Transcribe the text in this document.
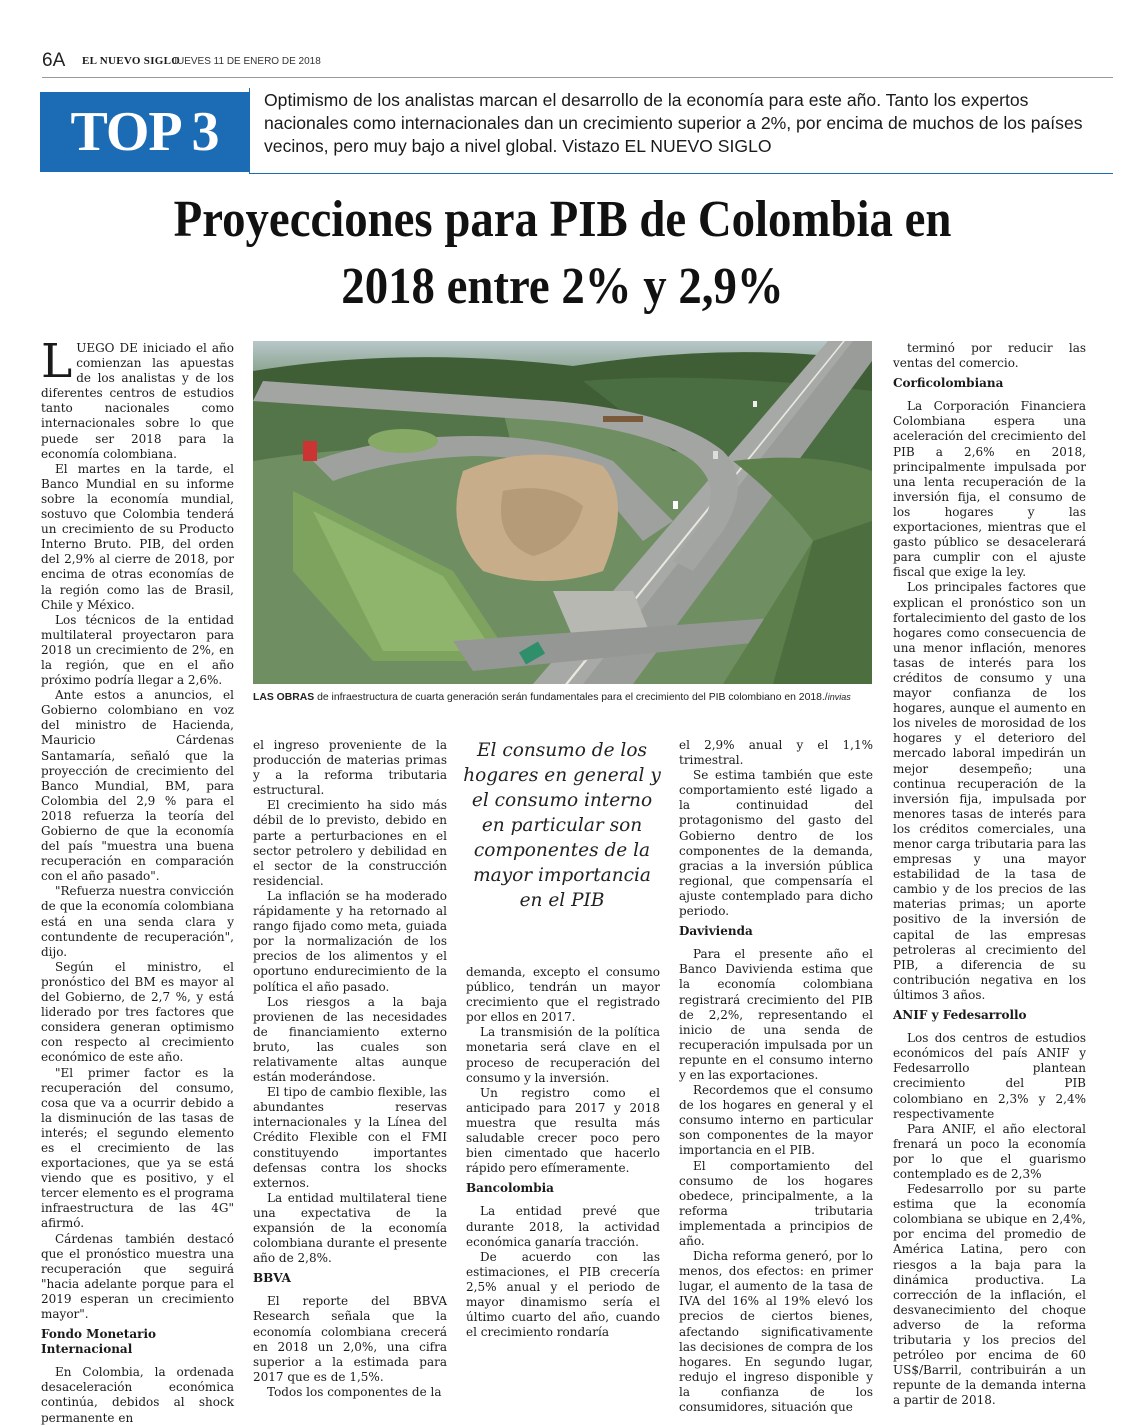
6A EL NUEVO SIGLO
JUEVES 11 DE ENERO DE 2018
TOP 3
Optimismo de los analistas marcan el desarrollo de la economía para este año. Tanto los expertos nacionales como internacionales dan un crecimiento superior a 2%, por encima de muchos de los países vecinos, pero muy bajo a nivel global. Vistazo EL NUEVO SIGLO
Proyecciones para PIB de Colombia en
2018 entre 2% y 2,9%
LAS OBRAS de infraestructura de cuarta generación serán fundamentales para el crecimiento del PIB colombiano en 2018./invias
El consumo de los hogares en general y el consumo interno en particular son componentes de la mayor importancia en el PIB

LUEGO DE iniciado el año comienzan las apuestas de los analistas y de los diferentes centros de estudios tanto nacionales como internacionales sobre lo que puede ser 2018 para la economía colombiana.

El martes en la tarde, el Banco Mundial en su informe sobre la economía mundial, sostuvo que Colombia tenderá un crecimiento de su Producto Interno Bruto. PIB, del orden del 2,9% al cierre de 2018, por encima de otras economías de la región como las de Brasil, Chile y México.

Los técnicos de la entidad multilateral proyectaron para 2018 un crecimiento de 2%, en la región, que en el año próximo podría llegar a 2,6%.

Ante estos a anuncios, el Gobierno colombiano en voz del ministro de Hacienda, Mauricio Cárdenas Santamaría, señaló que la proyección de crecimiento del Banco Mundial, BM, para Colombia del 2,9 % para el 2018 refuerza la teoría del Gobierno de que la economía del país "muestra una buena recuperación en comparación con el año pasado".

"Refuerza nuestra convicción de que la economía colombiana está en una senda clara y contundente de recuperación", dijo.

Según el ministro, el pronóstico del BM es mayor al del Gobierno, de 2,7 %, y está liderado por tres factores que considera generan optimismo con respecto al crecimiento económico de este año.

"El primer factor es la recuperación del consumo, cosa que va a ocurrir debido a la disminución de las tasas de interés; el segundo elemento es el crecimiento de las exportaciones, que ya se está viendo que es positivo, y el tercer elemento es el programa infraestructura de las 4G" afirmó.

Cárdenas también destacó que el pronóstico muestra una recuperación que seguirá "hacia adelante porque para el 2019 esperan un crecimiento mayor".

Fondo Monetario Internacional

En Colombia, la ordenada desaceleración económica continúa, debidos al shock permanente en

el ingreso proveniente de la producción de materias primas y a la reforma tributaria estructural.

El crecimiento ha sido más débil de lo previsto, debido en parte a perturbaciones en el sector petrolero y debilidad en el sector de la construcción residencial.

La inflación se ha moderado rápidamente y ha retornado al rango fijado como meta, guiada por la normalización de los precios de los alimentos y el oportuno endurecimiento de la política el año pasado.

Los riesgos a la baja provienen de las necesidades de financiamiento externo bruto, las cuales son relativamente altas aunque están moderándose.

El tipo de cambio flexible, las abundantes reservas internacionales y la Línea del Crédito Flexible con el FMI constituyendo importantes defensas contra los shocks externos.

La entidad multilateral tiene una expectativa de la expansión de la economía colombiana durante el presente año de 2,8%.

BBVA

El reporte del BBVA Research señala que la economía colombiana crecerá en 2018 un 2,0%, una cifra superior a la estimada para 2017 que es de 1,5%.

Todos los componentes de la

demanda, excepto el consumo público, tendrán un mayor crecimiento que el registrado por ellos en 2017.

La transmisión de la política monetaria será clave en el proceso de recuperación del consumo y la inversión.

Un registro como el anticipado para 2017 y 2018 muestra que resulta más saludable crecer poco pero bien cimentado que hacerlo rápido pero efímeramente.

Bancolombia

La entidad prevé que durante 2018, la actividad económica ganaría tracción.

De acuerdo con las estimaciones, el PIB crecería 2,5% anual y el periodo de mayor dinamismo sería el último cuarto del año, cuando el crecimiento rondaría

el 2,9% anual y el 1,1% trimestral.

Se estima también que este comportamiento esté ligado a la continuidad del protagonismo del gasto del Gobierno dentro de los componentes de la demanda, gracias a la inversión pública regional, que compensaría el ajuste contemplado para dicho periodo.

Davivienda

Para el presente año el Banco Davivienda estima que la economía colombiana registrará crecimiento del PIB de 2,2%, representando el inicio de una senda de recuperación impulsada por un repunte en el consumo interno y en las exportaciones.

Recordemos que el consumo de los hogares en general y el consumo interno en particular son componentes de la mayor importancia en el PIB.

El comportamiento del consumo de los hogares obedece, principalmente, a la reforma tributaria implementada a principios de año.

Dicha reforma generó, por lo menos, dos efectos: en primer lugar, el aumento de la tasa de IVA del 16% al 19% elevó los precios de ciertos bienes, afectando significativamente las decisiones de compra de los hogares. En segundo lugar, redujo el ingreso disponible y la confianza de los consumidores, situación que

terminó por reducir las ventas del comercio.

Corficolombiana

La Corporación Financiera Colombiana espera una aceleración del crecimiento del PIB a 2,6% en 2018, principalmente impulsada por una lenta recuperación de la inversión fija, el consumo de los hogares y las exportaciones, mientras que el gasto público se desacelerará para cumplir con el ajuste fiscal que exige la ley.

Los principales factores que explican el pronóstico son un fortalecimiento del gasto de los hogares como consecuencia de una menor inflación, menores tasas de interés para los créditos de consumo y una mayor confianza de los hogares, aunque el aumento en los niveles de morosidad de los hogares y el deterioro del mercado laboral impedirán un mejor desempeño; una continua recuperación de la inversión fija, impulsada por menores tasas de interés para los créditos comerciales, una menor carga tributaria para las empresas y una mayor estabilidad de la tasa de cambio y de los precios de las materias primas; un aporte positivo de la inversión de capital de las empresas petroleras al crecimiento del PIB, a diferencia de su contribución negativa en los últimos 3 años.

ANIF y Fedesarrollo

Los dos centros de estudios económicos del país ANIF y Fedesarrollo plantean crecimiento del PIB colombiano en 2,3% y 2,4% respectivamente

Para ANIF, el año electoral frenará un poco la economía por lo que el guarismo contemplado es de 2,3%

Fedesarrollo por su parte estima que la economía colombiana se ubique en 2,4%, por encima del promedio de América Latina, pero con riesgos a la baja para la dinámica productiva. La corrección de la inflación, el desvanecimiento del choque adverso de la reforma tributaria y los precios del petróleo por encima de 60 US$/Barril, contribuirán a un repunte de la demanda interna a partir de 2018.
